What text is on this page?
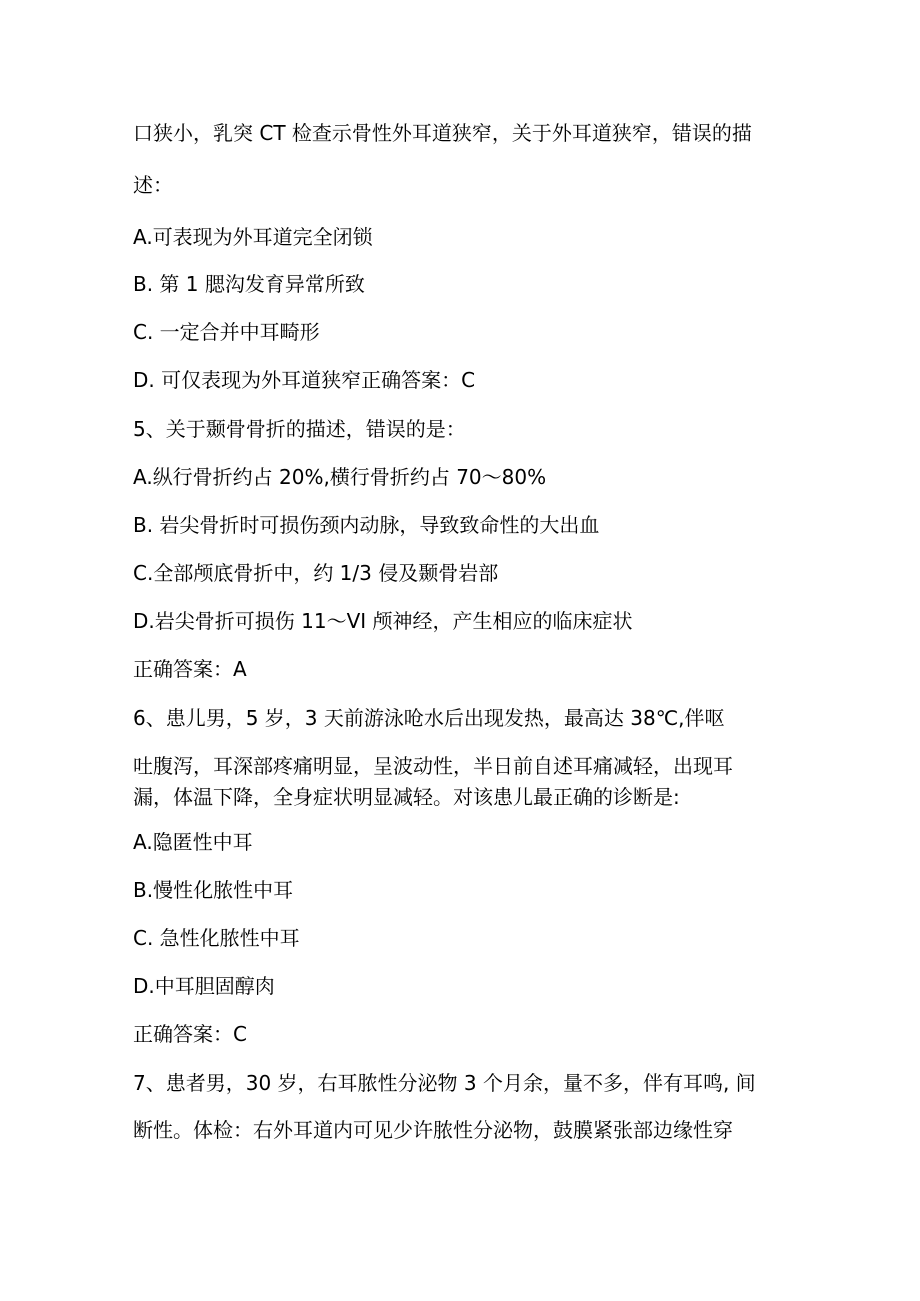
口狭小，乳突 CT 检查示骨性外耳道狭窄，关于外耳道狭窄，错误的描
述：
A.可表现为外耳道完全闭锁
B. 第 1 腮沟发育异常所致
C. 一定合并中耳畸形
D. 可仅表现为外耳道狭窄正确答案：C
5、关于颞骨骨折的描述，错误的是：
A.纵行骨折约占 20%,横行骨折约占 70～80%
B. 岩尖骨折时可损伤颈内动脉，导致致命性的大出血
C.全部颅底骨折中，约 1/3 侵及颞骨岩部
D.岩尖骨折可损伤 11～VI 颅神经，产生相应的临床症状
正确答案：A
6、患儿男，5 岁，3 天前游泳呛水后出现发热，最高达 38℃,伴呕
吐腹泻，耳深部疼痛明显，呈波动性，半日前自述耳痛减轻，出现耳
漏，体温下降，全身症状明显减轻。对该患儿最正确的诊断是:
A.隐匿性中耳
B.慢性化脓性中耳
C. 急性化脓性中耳
D.中耳胆固醇肉
正确答案：C
7、患者男，30 岁，右耳脓性分泌物 3 个月余，量不多，伴有耳鸣, 间
断性。体检：右外耳道内可见少许脓性分泌物，鼓膜紧张部边缘性穿
